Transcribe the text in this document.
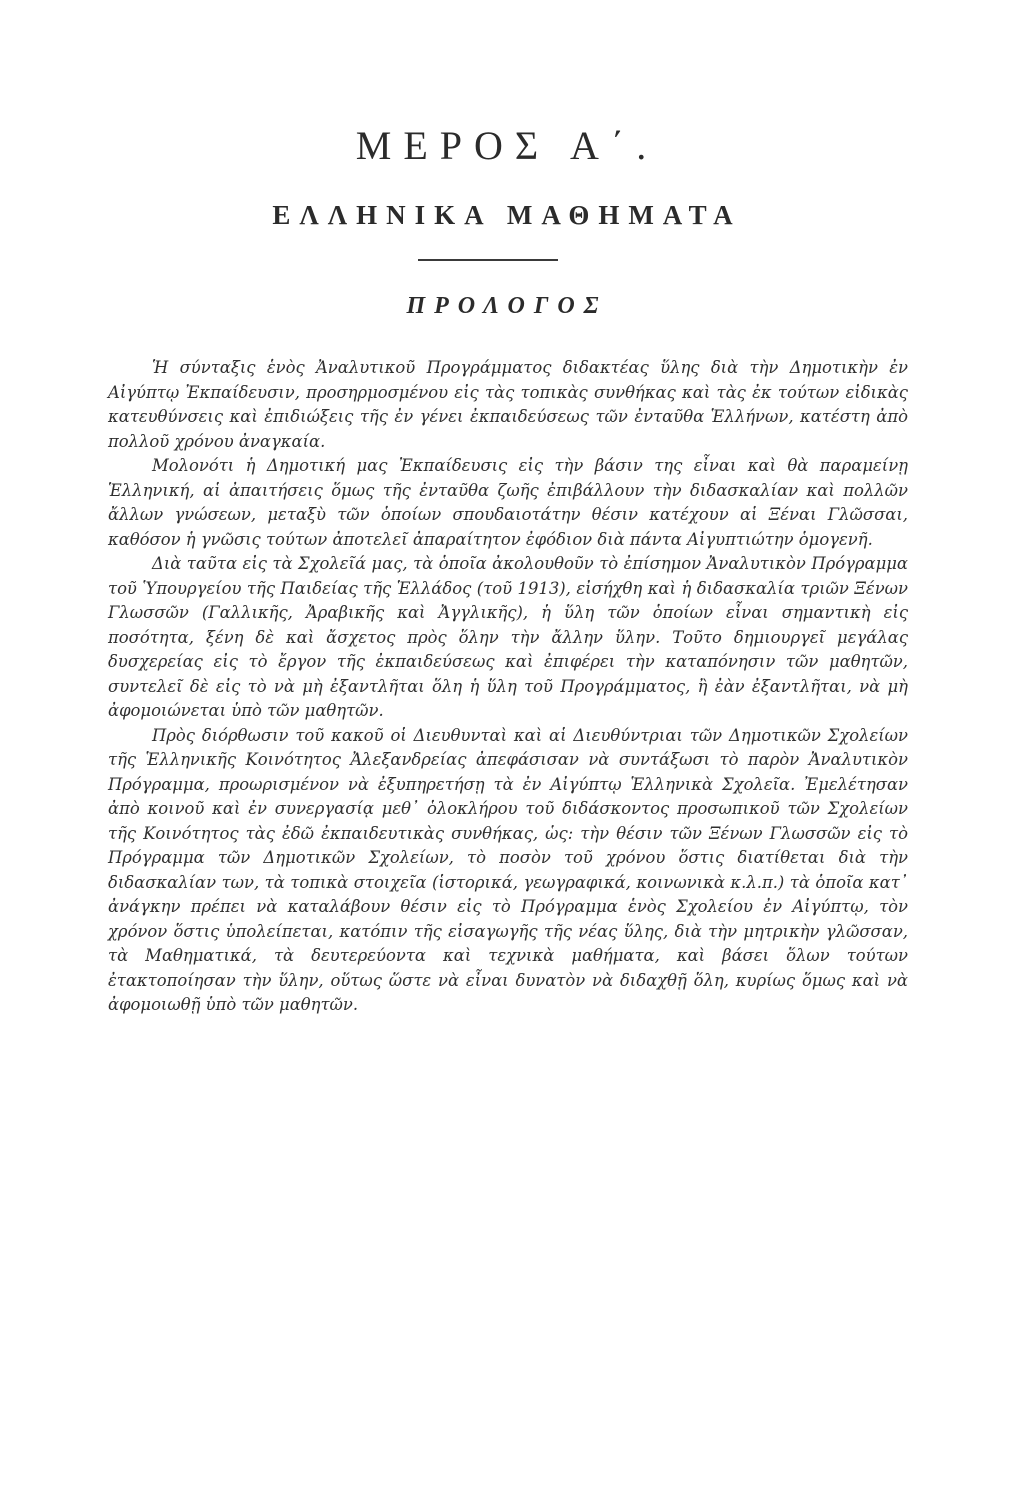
ΜΕΡΟΣ Α΄.
ΕΛΛΗΝΙΚΑ ΜΑΘΗΜΑΤΑ
ΠΡΟΛΟΓΟΣ

Ἡ σύνταξις ἑνὸς Ἀναλυτικοῦ Προγράμματος διδακτέας ὕλης διὰ τὴν Δημοτικὴν ἐν Αἰγύπτῳ Ἐκπαίδευσιν, προσηρμοσμένου εἰς τὰς τοπικὰς συνθήκας καὶ τὰς ἐκ τούτων εἰδικὰς κατευθύνσεις καὶ ἐπιδιώξεις τῆς ἐν γένει ἐκπαιδεύσεως τῶν ἐνταῦθα Ἑλλήνων, κατέστη ἀπὸ πολλοῦ χρόνου ἀναγκαία.

Μολονότι ἡ Δημοτική μας Ἐκπαίδευσις εἰς τὴν βάσιν της εἶναι καὶ θὰ παραμείνῃ Ἑλληνική, αἱ ἀπαιτήσεις ὅμως τῆς ἐνταῦθα ζωῆς ἐπιβάλλουν τὴν διδασκαλίαν καὶ πολλῶν ἄλλων γνώσεων, μεταξὺ τῶν ὁποίων σπουδαιοτάτην θέσιν κατέχουν αἱ Ξέναι Γλῶσσαι, καθόσον ἡ γνῶσις τούτων ἀποτελεῖ ἀπαραίτητον ἐφόδιον διὰ πάντα Αἰγυπτιώτην ὁμογενῆ.

Διὰ ταῦτα εἰς τὰ Σχολεῖά μας, τὰ ὁποῖα ἀκολουθοῦν τὸ ἐπίσημον Ἀναλυτικὸν Πρόγραμμα τοῦ Ὑπουργείου τῆς Παιδείας τῆς Ἑλλάδος (τοῦ 1913), εἰσήχθη καὶ ἡ διδασκαλία τριῶν Ξένων Γλωσσῶν (Γαλλικῆς, Ἀραβικῆς καὶ Ἀγγλικῆς), ἡ ὕλη τῶν ὁποίων εἶναι σημαντικὴ εἰς ποσότητα, ξένη δὲ καὶ ἄσχετος πρὸς ὅλην τὴν ἄλλην ὕλην. Τοῦτο δημιουργεῖ μεγάλας δυσχερείας εἰς τὸ ἔργον τῆς ἐκπαιδεύσεως καὶ ἐπιφέρει τὴν καταπόνησιν τῶν μαθητῶν, συντελεῖ δὲ εἰς τὸ νὰ μὴ ἐξαντλῆται ὅλη ἡ ὕλη τοῦ Προγράμματος, ἢ ἐὰν ἐξαντλῆται, νὰ μὴ ἀφομοιώνεται ὑπὸ τῶν μαθητῶν.

Πρὸς διόρθωσιν τοῦ κακοῦ οἱ Διευθυνταὶ καὶ αἱ Διευθύντριαι τῶν Δημοτικῶν Σχολείων τῆς Ἑλληνικῆς Κοινότητος Ἀλεξανδρείας ἀπεφάσισαν νὰ συντάξωσι τὸ παρὸν Ἀναλυτικὸν Πρόγραμμα, προωρισμένον νὰ ἐξυπηρετήσῃ τὰ ἐν Αἰγύπτῳ Ἑλληνικὰ Σχολεῖα. Ἐμελέτησαν ἀπὸ κοινοῦ καὶ ἐν συνεργασίᾳ μεθ᾿ ὁλοκλήρου τοῦ διδάσκοντος προσωπικοῦ τῶν Σχολείων τῆς Κοινότητος τὰς ἐδῶ ἐκπαιδευτικὰς συνθήκας, ὡς: τὴν θέσιν τῶν Ξένων Γλωσσῶν εἰς τὸ Πρόγραμμα τῶν Δημοτικῶν Σχολείων, τὸ ποσὸν τοῦ χρόνου ὅστις διατίθεται διὰ τὴν διδασκαλίαν των, τὰ τοπικὰ στοιχεῖα (ἱστορικά, γεωγραφικά, κοινωνικὰ κ.λ.π.) τὰ ὁποῖα κατ᾿ ἀνάγκην πρέπει νὰ καταλάβουν θέσιν εἰς τὸ Πρόγραμμα ἑνὸς Σχολείου ἐν Αἰγύπτῳ, τὸν χρόνον ὅστις ὑπολείπεται, κατόπιν τῆς εἰσαγωγῆς τῆς νέας ὕλης, διὰ τὴν μητρικὴν γλῶσσαν, τὰ Μαθηματικά, τὰ δευτερεύοντα καὶ τεχνικὰ μαθήματα, καὶ βάσει ὅλων τούτων ἐτακτοποίησαν τὴν ὕλην, οὕτως ὥστε νὰ εἶναι δυνατὸν νὰ διδαχθῇ ὅλη, κυρίως ὅμως καὶ νὰ ἀφομοιωθῇ ὑπὸ τῶν μαθητῶν.
